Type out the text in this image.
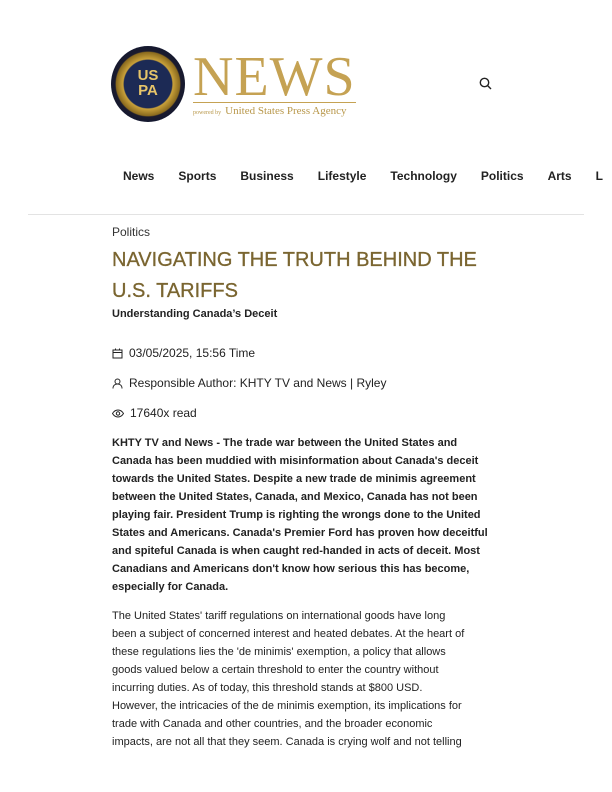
US
PA NEWS
powered by United States Press Agency
News Sports Business Lifestyle Technology Politics Arts L
Politics
NAVIGATING THE TRUTH BEHIND THE U.S. TARIFFS
Understanding Canada’s Deceit
03/05/2025, 15:56 Time
Responsible Author: KHTY TV and News | Ryley
17640x read

KHTY TV and News - The trade war between the United States and
Canada has been muddied with misinformation about Canada's deceit
towards the United States. Despite a new trade de minimis agreement
between the United States, Canada, and Mexico, Canada has not been
playing fair. President Trump is righting the wrongs done to the United
States and Americans. Canada's Premier Ford has proven how deceitful
and spiteful Canada is when caught red-handed in acts of deceit. Most
Canadians and Americans don't know how serious this has become,
especially for Canada.

The United States' tariff regulations on international goods have long
been a subject of concerned interest and heated debates. At the heart of
these regulations lies the 'de minimis' exemption, a policy that allows
goods valued below a certain threshold to enter the country without
incurring duties. As of today, this threshold stands at $800 USD.
However, the intricacies of the de minimis exemption, its implications for
trade with Canada and other countries, and the broader economic
impacts, are not all that they seem. Canada is crying wolf and not telling
